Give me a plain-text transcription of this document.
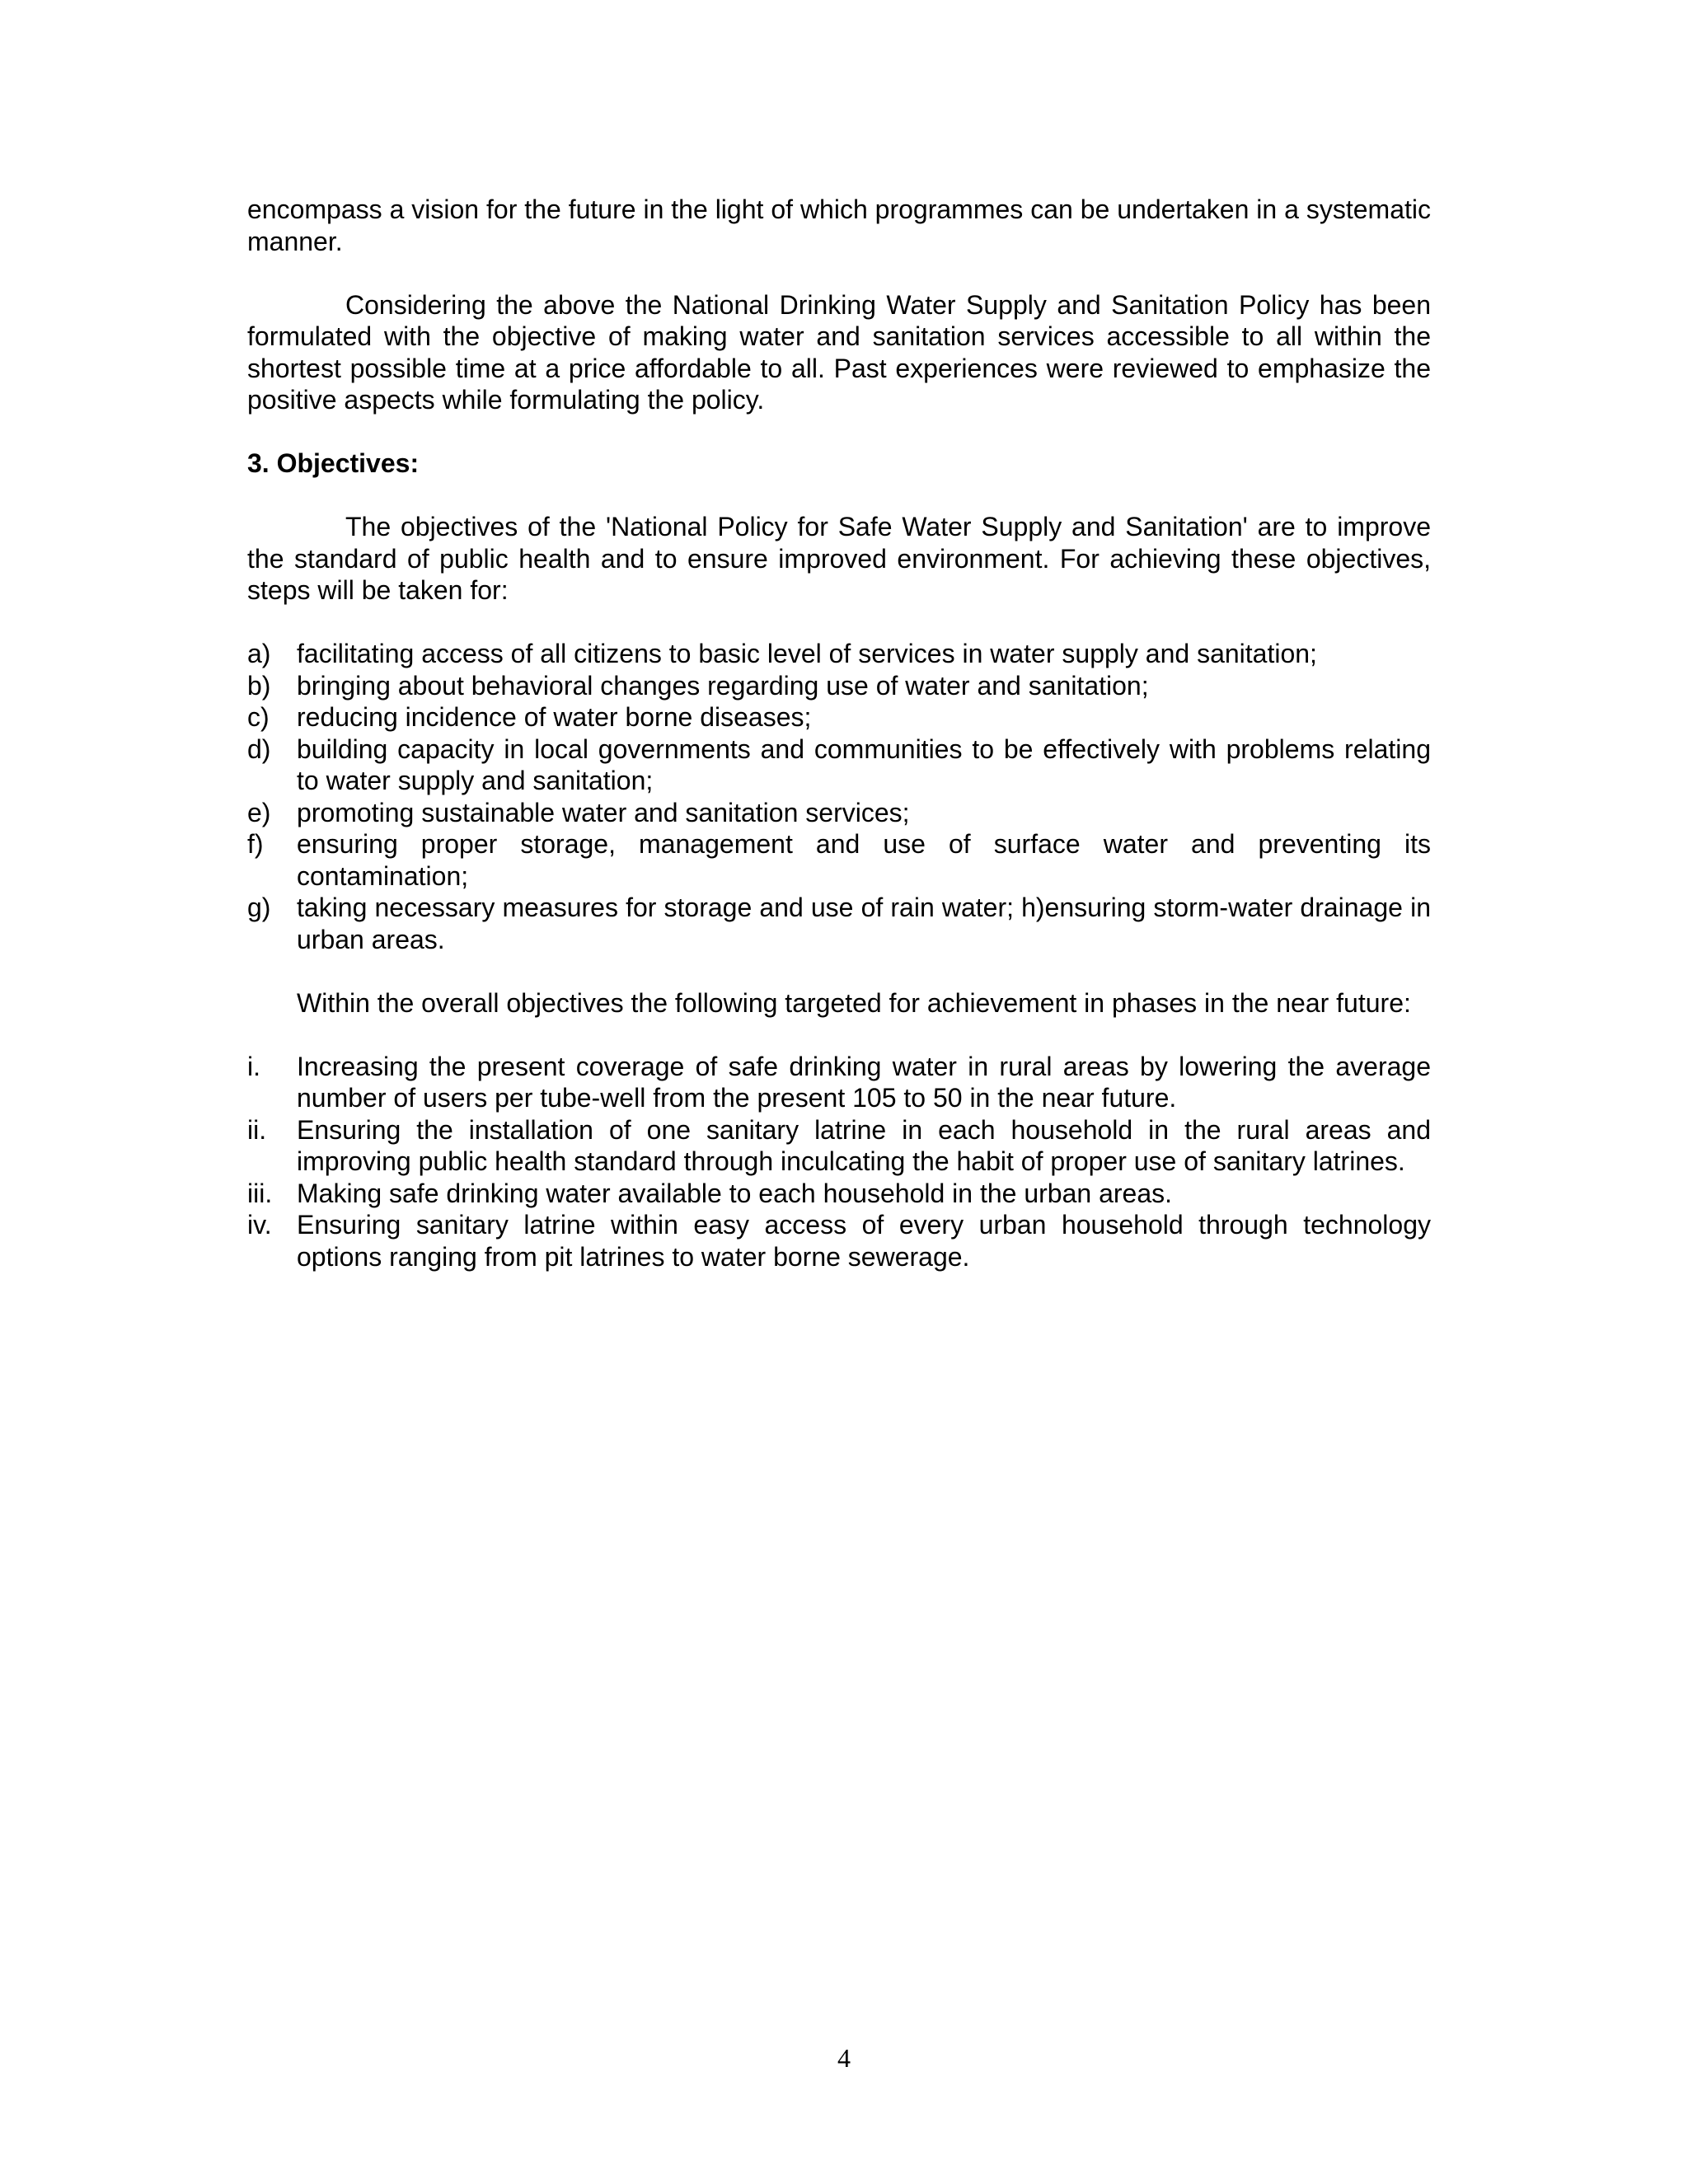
encompass a vision for the future in the light of which programmes can be undertaken in a systematic manner.

Considering the above the National Drinking Water Supply and Sanitation Policy has been formulated with the objective of making water and sanitation services accessible to all within the shortest possible time at a price affordable to all. Past experiences were reviewed to emphasize the positive aspects while formulating the policy.

3. Objectives:

The objectives of the 'National Policy for Safe Water Supply and Sanitation' are to improve the standard of public health and to ensure improved environment. For achieving these objectives, steps will be taken for:

a) facilitating access of all citizens to basic level of services in water supply and sanitation;
b) bringing about behavioral changes regarding use of water and sanitation;
c)	reducing incidence of water borne diseases;
d) building capacity in local governments and communities to be effectively with problems relating to water supply and sanitation;
e) promoting sustainable water and sanitation services;
f)	ensuring proper storage, management and use of surface water and preventing its contamination;
g) taking necessary measures for storage and use of rain water; h)ensuring storm-water drainage in urban areas.

Within the overall objectives the following targeted for achievement in phases in the near future:

i.	Increasing the present coverage of safe drinking water in rural areas by lowering the average number of users per tube-well from the present 105 to 50 in the near future.
ii.	Ensuring the installation of one sanitary latrine in each household in the rural areas and improving public health standard through inculcating the habit of proper use of sanitary latrines.
iii. Making safe drinking water available to each household in the urban areas.
iv. Ensuring sanitary latrine within easy access of every urban household through technology options ranging from pit latrines to water borne sewerage.
4
